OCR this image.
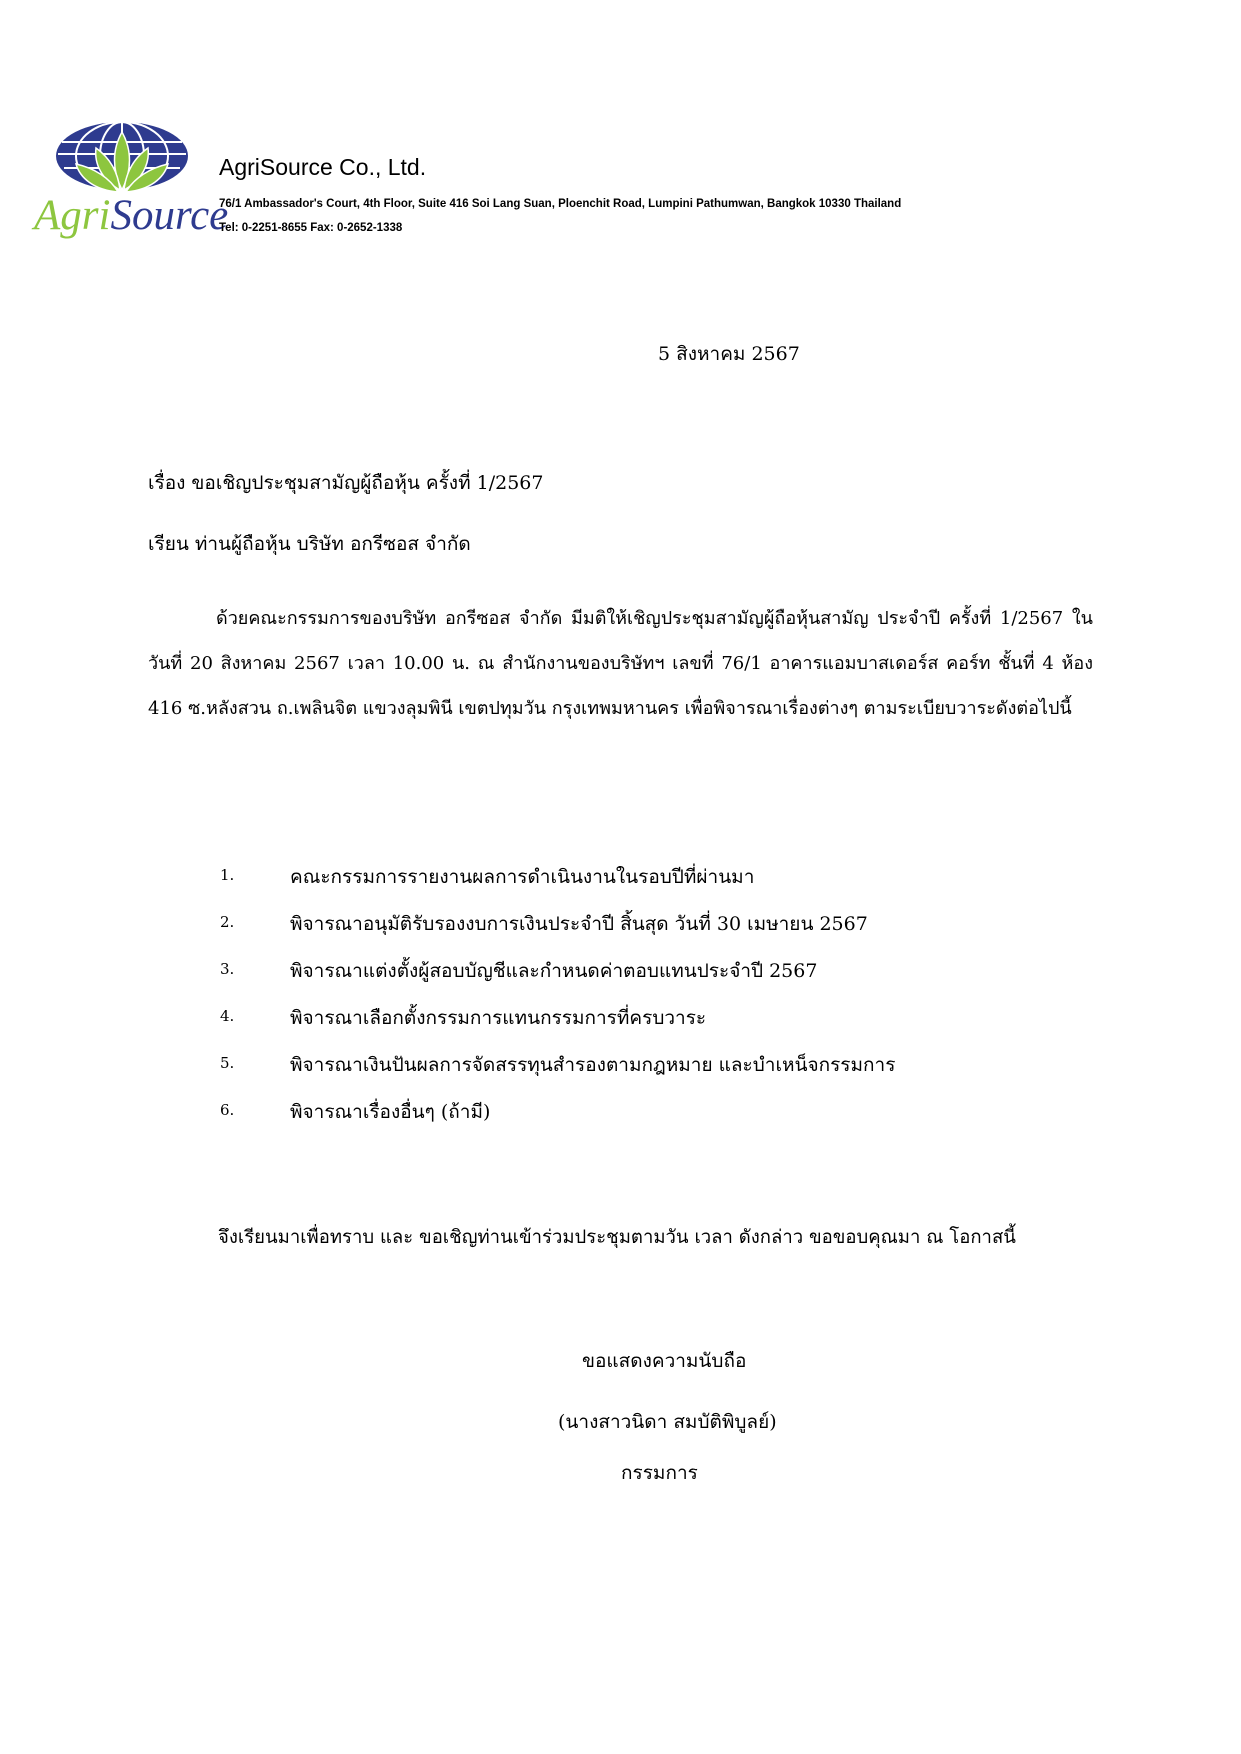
AgriSource
AgriSource Co., Ltd.
76/1 Ambassador's Court, 4th Floor, Suite 416 Soi Lang Suan, Ploenchit Road, Lumpini Pathumwan, Bangkok 10330 Thailand
Tel: 0-2251-8655 Fax: 0-2652-1338
5 สิงหาคม 2567
เรื่อง ขอเชิญประชุมสามัญผู้ถือหุ้น ครั้งที่ 1/2567
เรียน ท่านผู้ถือหุ้น บริษัท อกรีซอส จำกัด
ด้วยคณะกรรมการของบริษัท อกรีซอส จำกัด มีมติให้เชิญประชุมสามัญผู้ถือหุ้นสามัญ ประจำปี ครั้งที่ 1/2567 ในวันที่ 20 สิงหาคม 2567 เวลา 10.00 น. ณ สำนักงานของบริษัทฯ เลขที่ 76/1 อาคารแอมบาสเดอร์ส คอร์ท ชั้นที่ 4 ห้อง 416 ซ.หลังสวน ถ.เพลินจิต แขวงลุมพินี เขตปทุมวัน กรุงเทพมหานคร เพื่อพิจารณาเรื่องต่างๆ ตามระเบียบวาระดังต่อไปนี้
1.	คณะกรรมการรายงานผลการดำเนินงานในรอบปีที่ผ่านมา
2.	พิจารณาอนุมัติรับรองงบการเงินประจำปี สิ้นสุด วันที่ 30 เมษายน 2567
3.	พิจารณาแต่งตั้งผู้สอบบัญชีและกำหนดค่าตอบแทนประจำปี 2567
4.	พิจารณาเลือกตั้งกรรมการแทนกรรมการที่ครบวาระ
5.	พิจารณาเงินปันผลการจัดสรรทุนสำรองตามกฎหมาย และบำเหน็จกรรมการ
6.	พิจารณาเรื่องอื่นๆ (ถ้ามี)
จึงเรียนมาเพื่อทราบ และ ขอเชิญท่านเข้าร่วมประชุมตามวัน เวลา ดังกล่าว ขอขอบคุณมา ณ โอกาสนี้
ขอแสดงความนับถือ
(นางสาวนิดา สมบัติพิบูลย์)
กรรมการ
